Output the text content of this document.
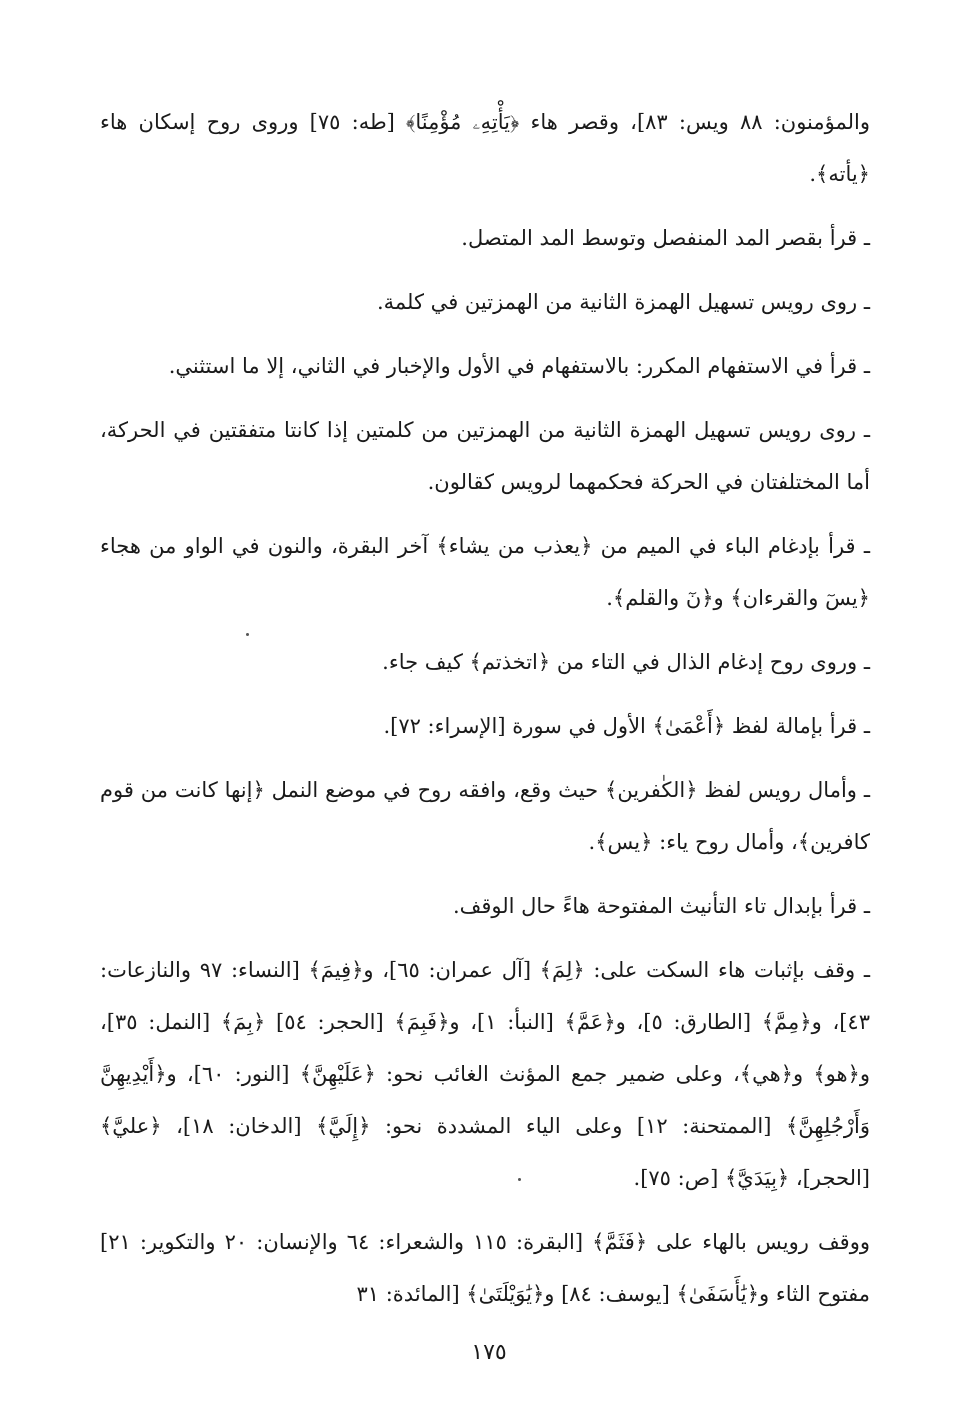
والمؤمنون: ٨٨ ويس: ٨٣]، وقصر هاء ﴿يَأْتِهِۦ مُؤْمِنًا﴾ [طه: ٧٥] وروى روح إسكان هاء ﴿يأته﴾.

ـ قرأ بقصر المد المنفصل وتوسط المد المتصل.

ـ روى رويس تسهيل الهمزة الثانية من الهمزتين في كلمة.

ـ قرأ في الاستفهام المكرر: بالاستفهام في الأول والإخبار في الثاني، إلا ما استثني.

ـ روى رويس تسهيل الهمزة الثانية من الهمزتين من كلمتين إذا كانتا متفقتين في الحركة، أما المختلفتان في الحركة فحكمهما لرويس كقالون.

ـ قرأ بإدغام الباء في الميم من ﴿يعذب من يشاء﴾ آخر البقرة، والنون في الواو من هجاء ﴿يسٓ والقرءان﴾ و﴿نٓ والقلم﴾.

ـ وروى روح إدغام الذال في التاء من ﴿اتخذتم﴾ كيف جاء.

ـ قرأ بإمالة لفظ ﴿أَعْمَىٰ﴾ الأول في سورة [الإسراء: ٧٢].

ـ وأمال رويس لفظ ﴿الكٰفرين﴾ حيث وقع، وافقه روح في موضع النمل ﴿إنها كانت من قوم كافرين﴾، وأمال روح ياء: ﴿يس﴾.

ـ قرأ بإبدال تاء التأنيث المفتوحة هاءً حال الوقف.

ـ وقف بإثبات هاء السكت على: ﴿لِمَ﴾ [آل عمران: ٦٥]، و﴿فِيمَ﴾ [النساء: ٩٧ والنازعات: ٤٣]، و﴿مِمَّ﴾ [الطارق: ٥]، و﴿عَمَّ﴾ [النبأ: ١]، و﴿فَبِمَ﴾ [الحجر: ٥٤] ﴿بِمَ﴾ [النمل: ٣٥]، و﴿هو﴾ و﴿هي﴾، وعلى ضمير جمع المؤنث الغائب نحو: ﴿عَلَيْهِنَّ﴾ [النور: ٦٠]، و﴿أَيْدِيهِنَّ وَأَرْجُلِهِنَّ﴾ [الممتحنة: ١٢] وعلى الياء المشددة نحو: ﴿إِلَيَّ﴾ [الدخان: ١٨]، ﴿عليَّ﴾ [الحجر]، ﴿بِيَدَيَّ﴾ [ص: ٧٥].

ووقف رويس بالهاء على ﴿فَثَمَّ﴾ [البقرة: ١١٥ والشعراء: ٦٤ والإنسان: ٢٠ والتكوير: ٢١] مفتوح الثاء و﴿يَٰأَسَفَىٰ﴾ [يوسف: ٨٤] و﴿يَٰوَيْلَتَىٰ﴾ [المائدة: ٣١

١٧٥
